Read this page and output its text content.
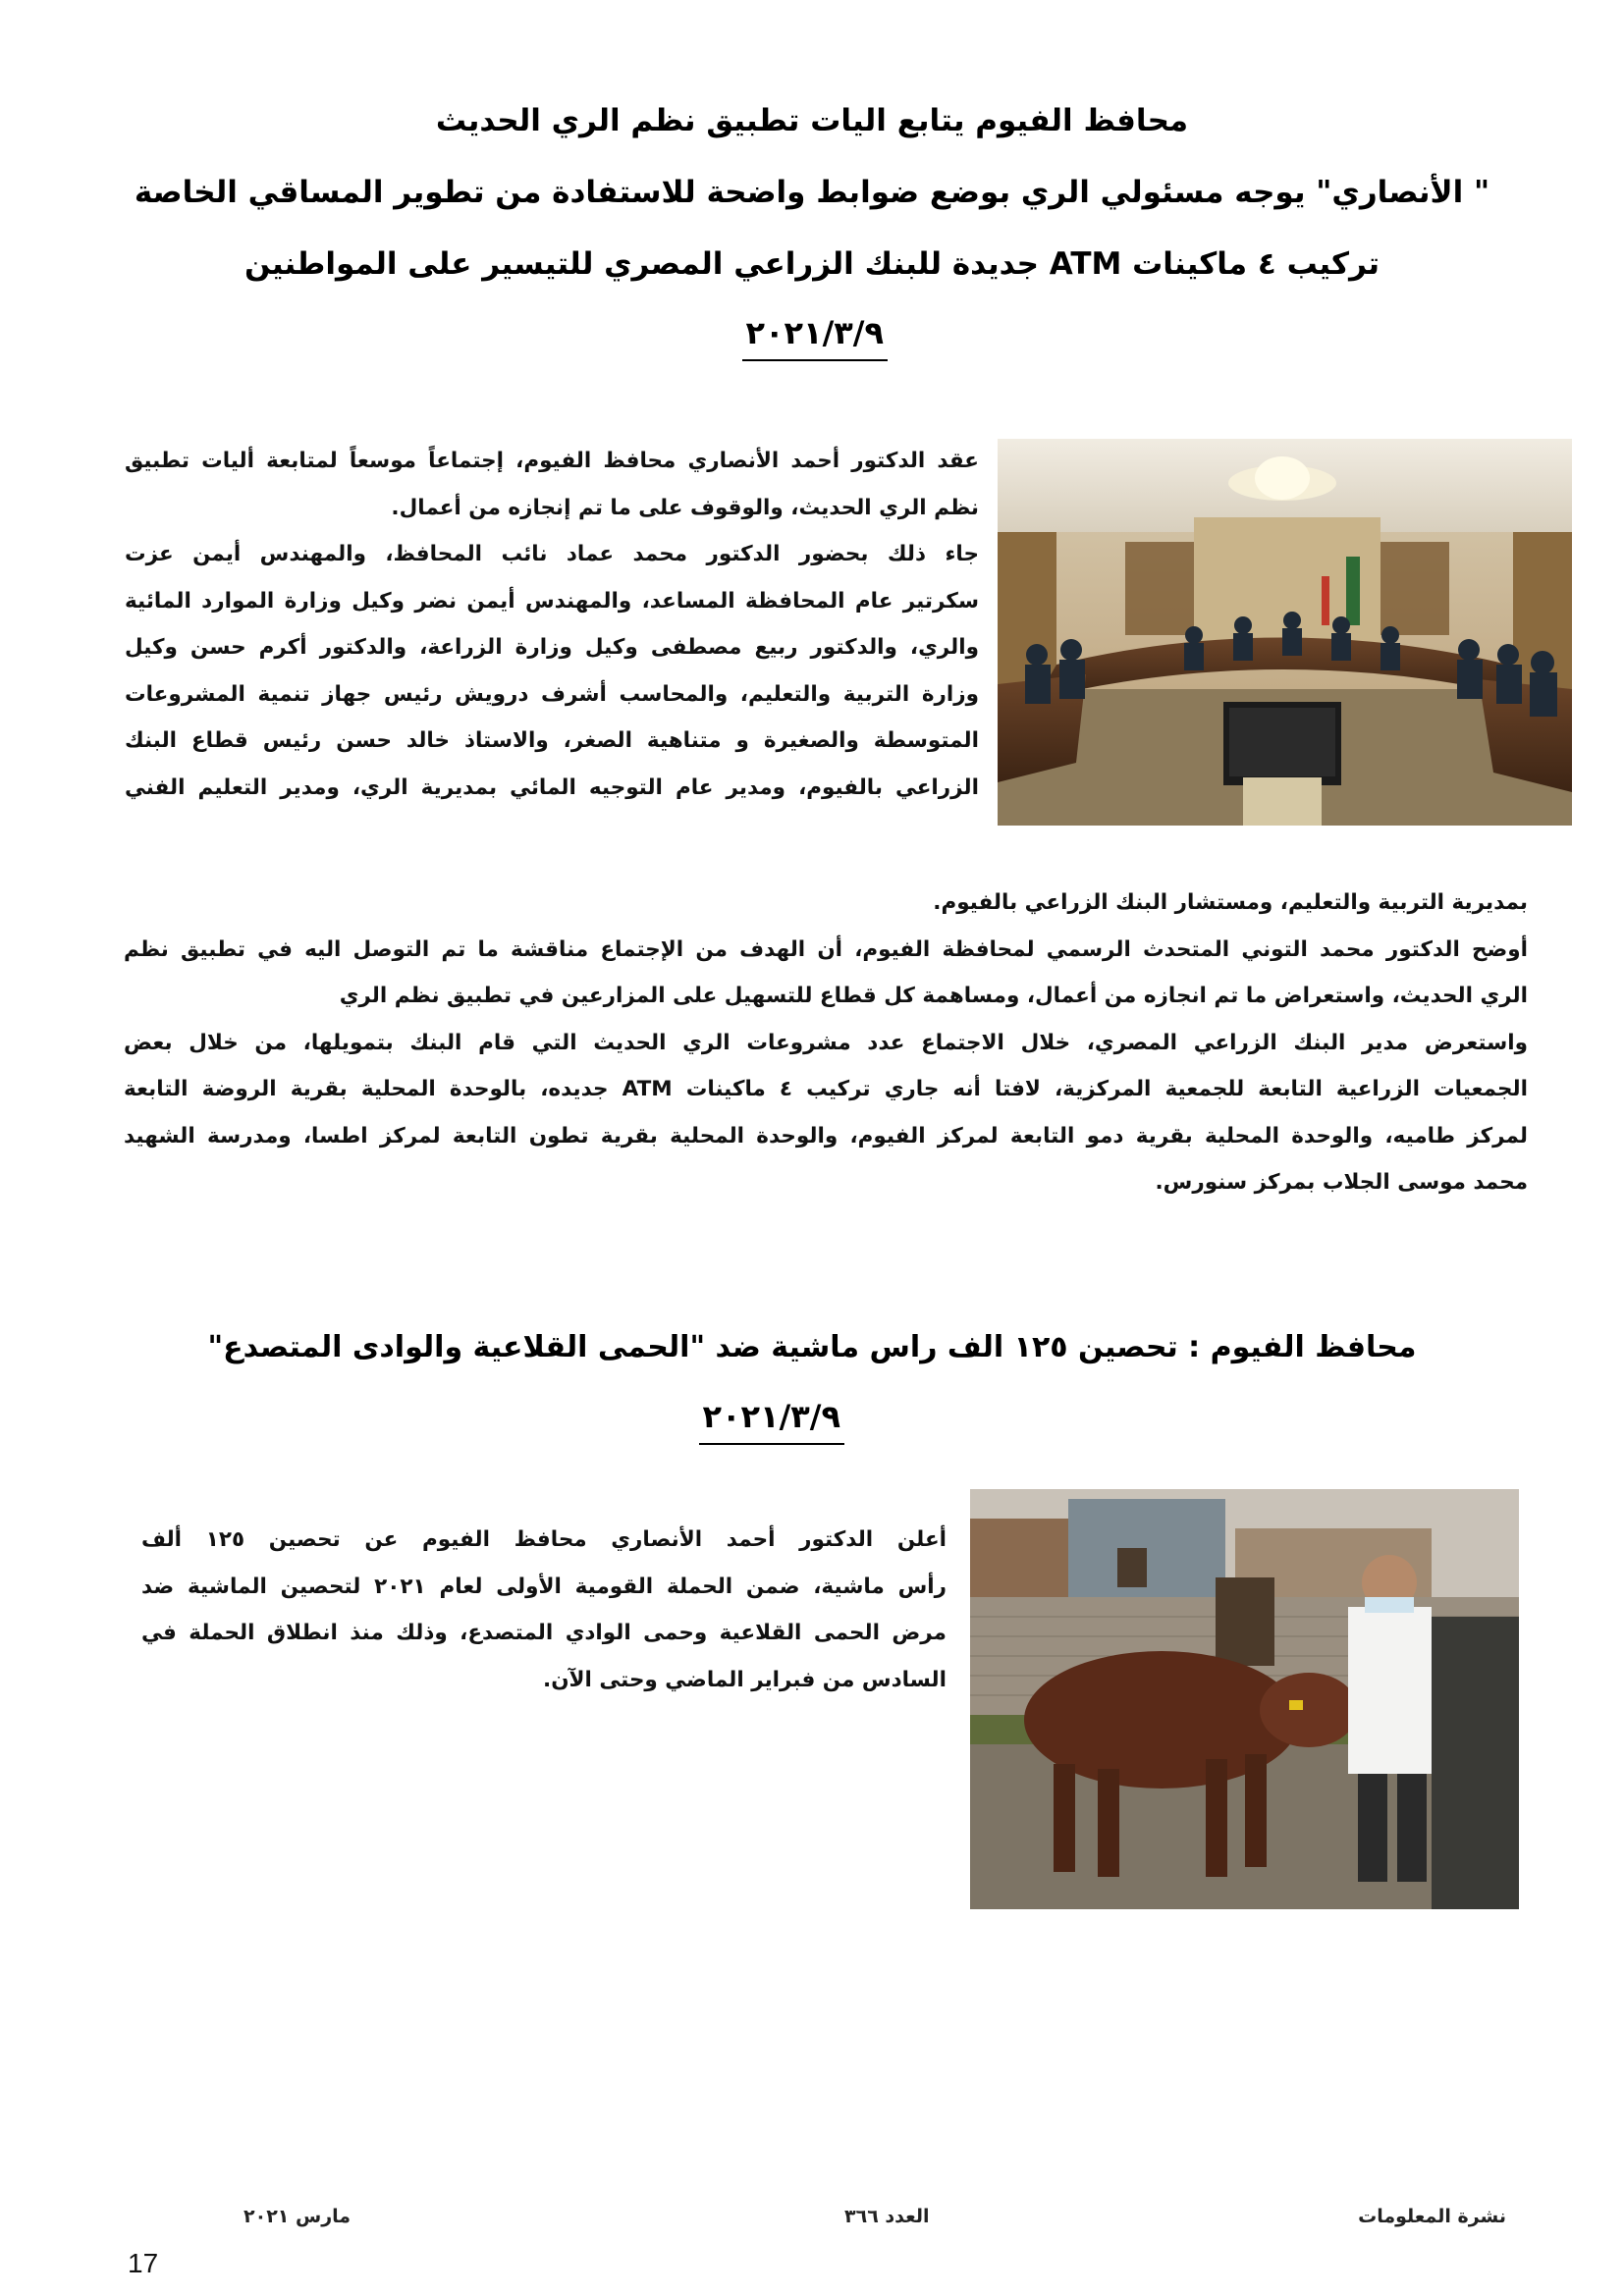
محافظ الفيوم يتابع اليات تطبيق نظم الري الحديث
" الأنصاري" يوجه مسئولي الري بوضع ضوابط واضحة للاستفادة من تطوير المساقي الخاصة
تركيب ٤ ماكينات ATM جديدة للبنك الزراعي المصري للتيسير على المواطنين
٢٠٢١/٣/٩
عقد الدكتور أحمد الأنصاري محافظ الفيوم، إجتماعاً موسعاً لمتابعة أليات تطبيق
نظم الري الحديث، والوقوف على ما تم إنجازه من أعمال.
جاء ذلك بحضور الدكتور محمد عماد نائب المحافظ، والمهندس أيمن عزت
سكرتير عام المحافظة المساعد، والمهندس أيمن نضر وكيل وزارة الموارد المائية
والري، والدكتور ربيع مصطفى وكيل وزارة الزراعة، والدكتور أكرم حسن وكيل
وزارة التربية والتعليم، والمحاسب أشرف درويش رئيس جهاز تنمية المشروعات
المتوسطة والصغيرة و متناهية الصغر، والاستاذ خالد حسن رئيس قطاع البنك
الزراعي بالفيوم، ومدير عام التوجيه المائي بمديرية الري، ومدير التعليم الفني
بمديرية التربية والتعليم، ومستشار البنك الزراعي بالفيوم.
أوضح الدكتور محمد التوني المتحدث الرسمي لمحافظة الفيوم، أن الهدف من الإجتماع مناقشة ما تم التوصل اليه في تطبيق نظم
الري الحديث، واستعراض ما تم انجازه من أعمال، ومساهمة كل قطاع للتسهيل على المزارعين في تطبيق نظم الري
واستعرض مدير البنك الزراعي المصري، خلال الاجتماع عدد مشروعات الري الحديث التي قام البنك بتمويلها، من خلال بعض
الجمعيات الزراعية التابعة للجمعية المركزية، لافتا أنه جاري تركيب ٤ ماكينات ATM جديده، بالوحدة المحلية بقرية الروضة التابعة
لمركز طاميه، والوحدة المحلية بقرية دمو التابعة لمركز الفيوم، والوحدة المحلية بقرية تطون التابعة لمركز اطسا، ومدرسة الشهيد
محمد موسى الجلاب بمركز سنورس.
محافظ الفيوم : تحصين ١٢٥ الف راس ماشية ضد "الحمى القلاعية والوادى المتصدع"
٢٠٢١/٣/٩
أعلن الدكتور أحمد الأنصاري محافظ الفيوم عن تحصين ١٢٥ ألف
رأس ماشية، ضمن الحملة القومية الأولى لعام ٢٠٢١ لتحصين الماشية ضد
مرض الحمى القلاعية وحمى الوادي المتصدع، وذلك منذ انطلاق الحملة في
السادس من فبراير الماضي وحتى الآن.
نشرة المعلومات
العدد ٣٦٦
مارس ٢٠٢١
17
